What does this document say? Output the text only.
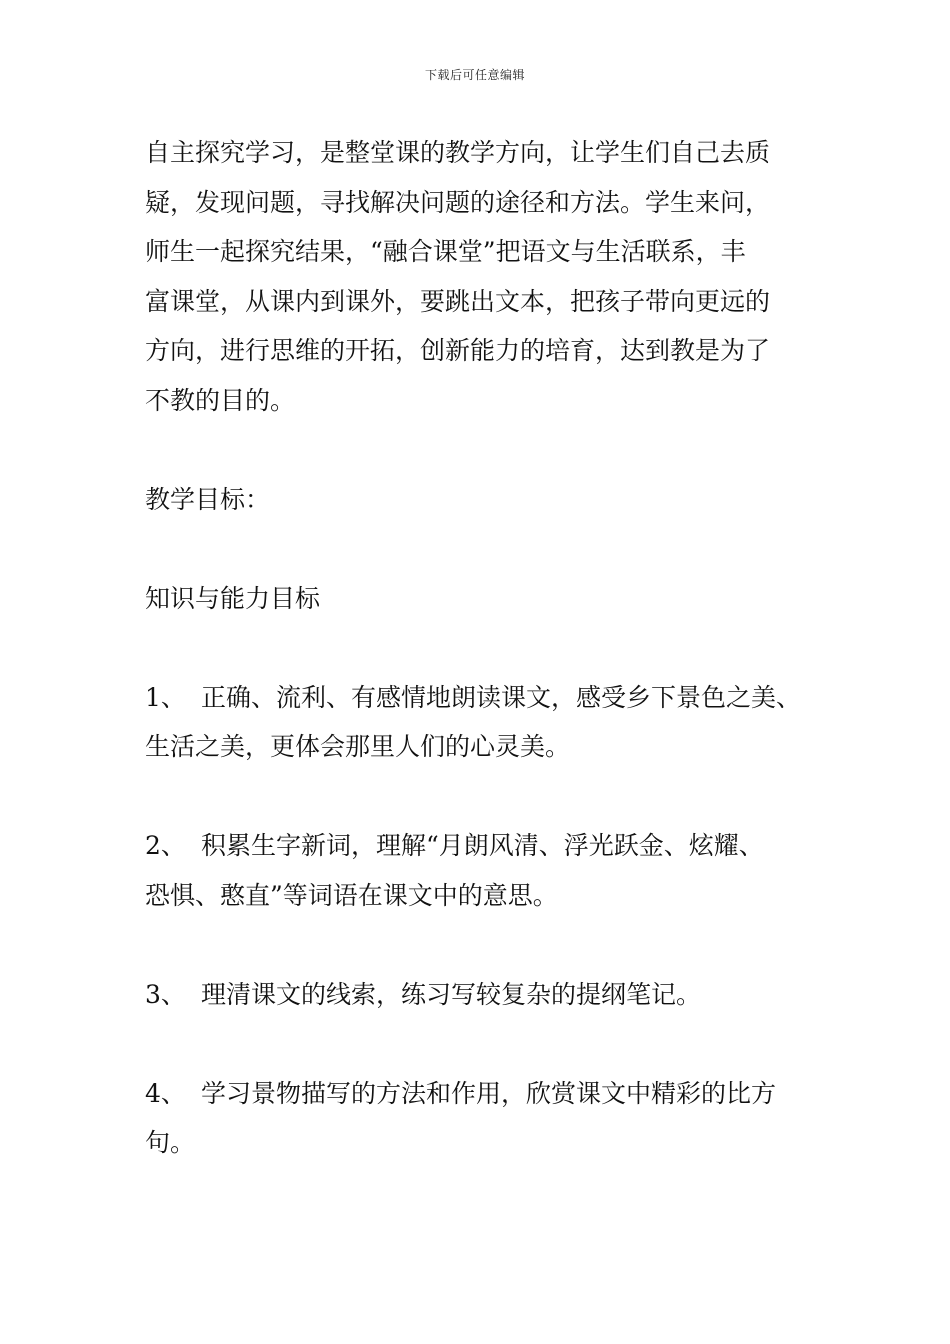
下载后可任意编辑
自主探究学习，是整堂课的教学方向，让学生们自己去质
疑，发现问题，寻找解决问题的途径和方法。学生来问，
师生一起探究结果，“融合课堂”把语文与生活联系，丰
富课堂，从课内到课外，要跳出文本，把孩子带向更远的
方向，进行思维的开拓，创新能力的培育，达到教是为了
不教的目的。
教学目标：
知识与能力目标
1、 正确、流利、有感情地朗读课文，感受乡下景色之美、
生活之美，更体会那里人们的心灵美。
2、 积累生字新词，理解“月朗风清、浮光跃金、炫耀、
恐惧、憨直”等词语在课文中的意思。
3、 理清课文的线索，练习写较复杂的提纲笔记。
4、 学习景物描写的方法和作用，欣赏课文中精彩的比方
句。
